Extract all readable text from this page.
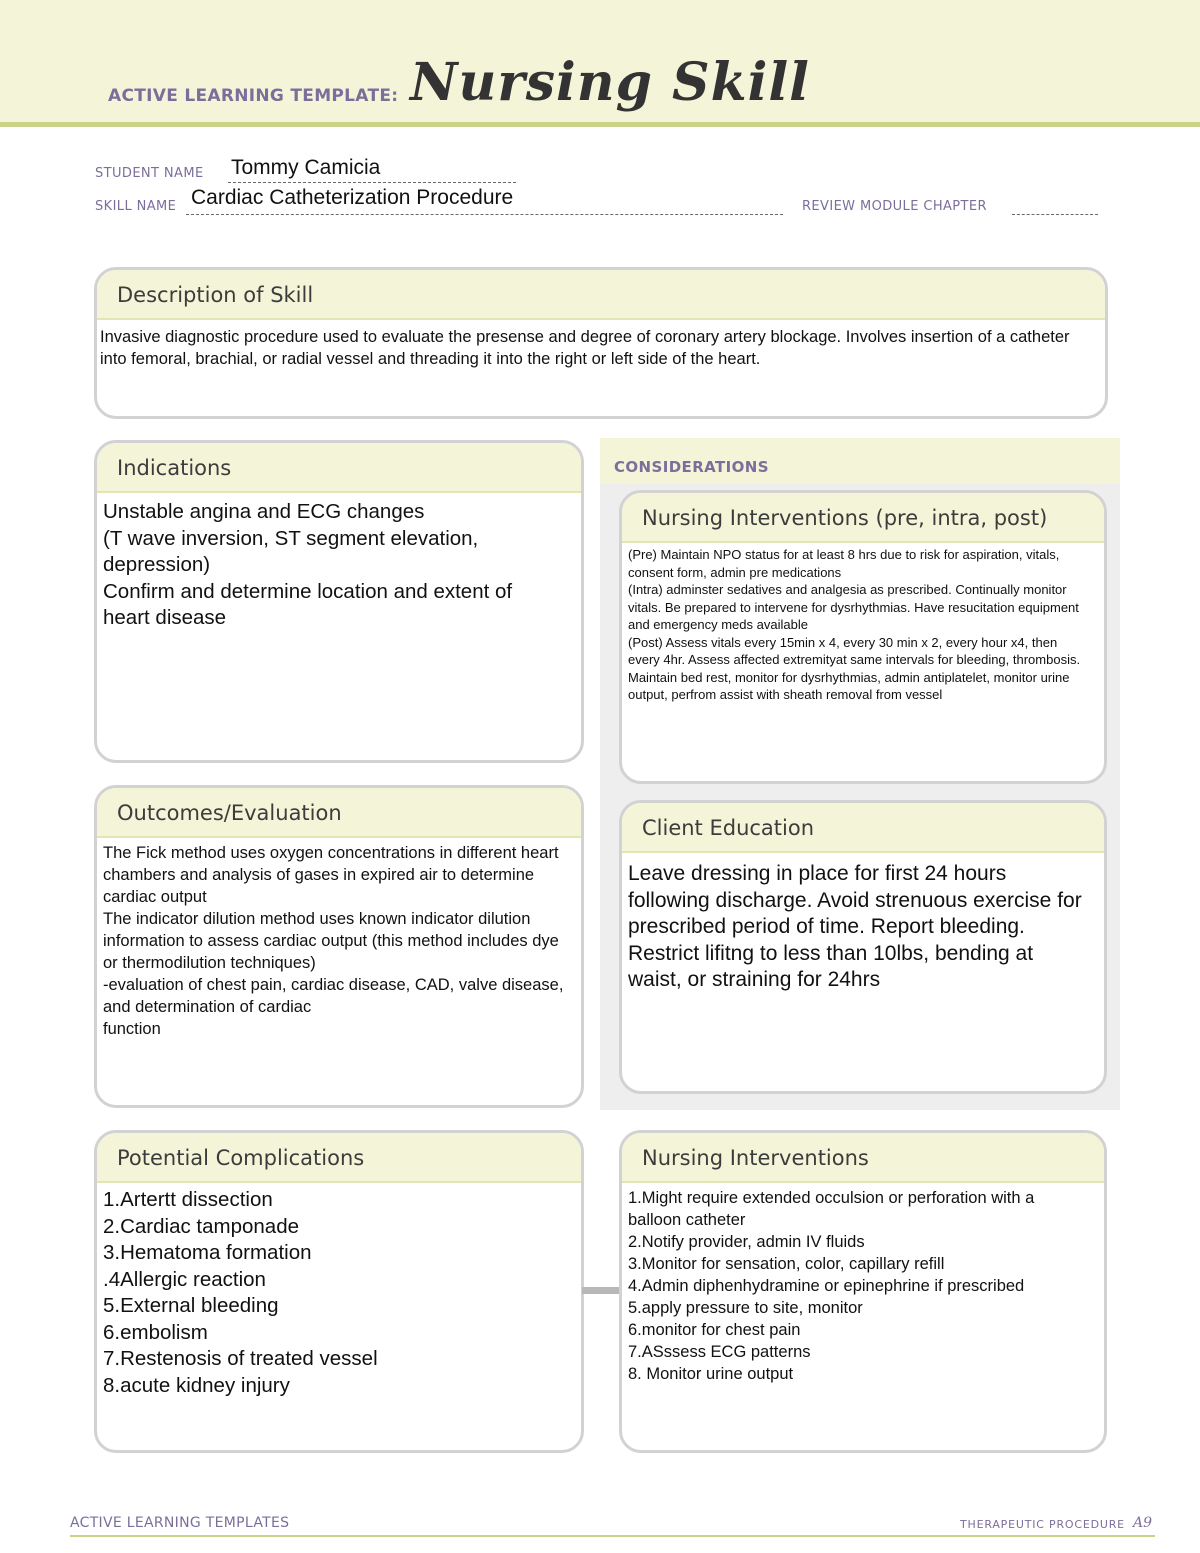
ACTIVE LEARNING TEMPLATE: Nursing Skill
STUDENT NAME Tommy Camicia
SKILL NAME Cardiac Catheterization Procedure	REVIEW MODULE CHAPTER
Description of Skill
Invasive diagnostic procedure used to evaluate the presense and degree of coronary artery blockage. Involves insertion of a catheter into femoral, brachial, or radial vessel and threading it into the right or left side of the heart.
Indications
Unstable angina and ECG changes
(T wave inversion, ST segment elevation, depression)
Confirm and determine location and extent of heart disease
CONSIDERATIONS
Nursing Interventions (pre, intra, post)
(Pre) Maintain NPO status for at least 8 hrs due to risk for aspiration, vitals, consent form, admin pre medications
(Intra) adminster sedatives and analgesia as prescribed. Continually monitor vitals. Be prepared to intervene for dysrhythmias. Have resucitation equipment and emergency meds available
(Post) Assess vitals every 15min x 4, every 30 min x 2, every hour x4, then every 4hr. Assess affected extremityat same intervals for bleeding, thrombosis. Maintain bed rest, monitor for dysrhythmias, admin antiplatelet, monitor urine output, perfrom assist with sheath removal from vessel
Outcomes/Evaluation
The Fick method uses oxygen concentrations in different heart chambers and analysis of gases in expired air to determine cardiac output
The indicator dilution method uses known indicator dilution information to assess cardiac output (this method includes dye or thermodilution techniques)
-evaluation of chest pain, cardiac disease, CAD, valve disease, and determination of cardiac
function
Client Education
Leave dressing in place for first 24 hours following discharge. Avoid strenuous exercise for prescribed period of time. Report bleeding. Restrict lifitng to less than 10lbs, bending at waist, or straining for 24hrs
Potential Complications
1.Artertt dissection
2.Cardiac tamponade
3.Hematoma formation
.4Allergic reaction
5.External bleeding
6.embolism
7.Restenosis of treated vessel
8.acute kidney injury
Nursing Interventions
1.Might require extended occulsion or perforation with a balloon catheter
2.Notify provider, admin IV fluids
3.Monitor for sensation, color, capillary refill
4.Admin diphenhydramine or epinephrine if prescribed
5.apply pressure to site, monitor
6.monitor for chest pain
7.ASssess ECG patterns
8. Monitor urine output
ACTIVE LEARNING TEMPLATES	THERAPEUTIC PROCEDURE A9
